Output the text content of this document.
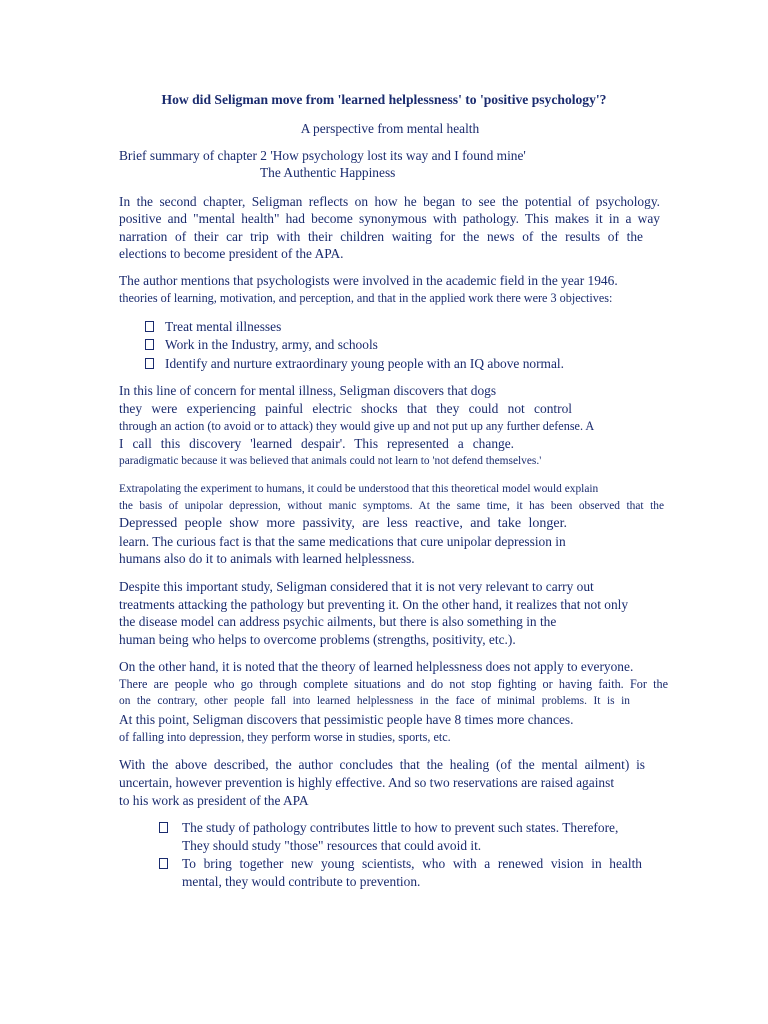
How did Seligman move from 'learned helplessness' to 'positive psychology'?
A perspective from mental health
Brief summary of chapter 2 'How psychology lost its way and I found mine'
The Authentic Happiness
In the second chapter, Seligman reflects on how he began to see the potential of psychology.
positive and "mental health" had become synonymous with pathology. This makes it in a way
narration of their car trip with their children waiting for the news of the results of the
elections to become president of the APA.
The author mentions that psychologists were involved in the academic field in the year 1946.
theories of learning, motivation, and perception, and that in the applied work there were 3 objectives:
Treat mental illnesses
Work in the Industry, army, and schools
Identify and nurture extraordinary young people with an IQ above normal.
In this line of concern for mental illness, Seligman discovers that dogs
they were experiencing painful electric shocks that they could not control
through an action (to avoid or to attack) they would give up and not put up any further defense. A
I call this discovery 'learned despair'. This represented a change.
paradigmatic because it was believed that animals could not learn to 'not defend themselves.'
Extrapolating the experiment to humans, it could be understood that this theoretical model would explain
the basis of unipolar depression, without manic symptoms. At the same time, it has been observed that the
Depressed people show more passivity, are less reactive, and take longer.
learn. The curious fact is that the same medications that cure unipolar depression in
humans also do it to animals with learned helplessness.
Despite this important study, Seligman considered that it is not very relevant to carry out
treatments attacking the pathology but preventing it. On the other hand, it realizes that not only
the disease model can address psychic ailments, but there is also something in the
human being who helps to overcome problems (strengths, positivity, etc.).
On the other hand, it is noted that the theory of learned helplessness does not apply to everyone.
There are people who go through complete situations and do not stop fighting or having faith. For the
on the contrary, other people fall into learned helplessness in the face of minimal problems. It is in
At this point, Seligman discovers that pessimistic people have 8 times more chances.
of falling into depression, they perform worse in studies, sports, etc.
With the above described, the author concludes that the healing (of the mental ailment) is
uncertain, however prevention is highly effective. And so two reservations are raised against
to his work as president of the APA
The study of pathology contributes little to how to prevent such states. Therefore,
They should study "those" resources that could avoid it.
To bring together new young scientists, who with a renewed vision in health
mental, they would contribute to prevention.
